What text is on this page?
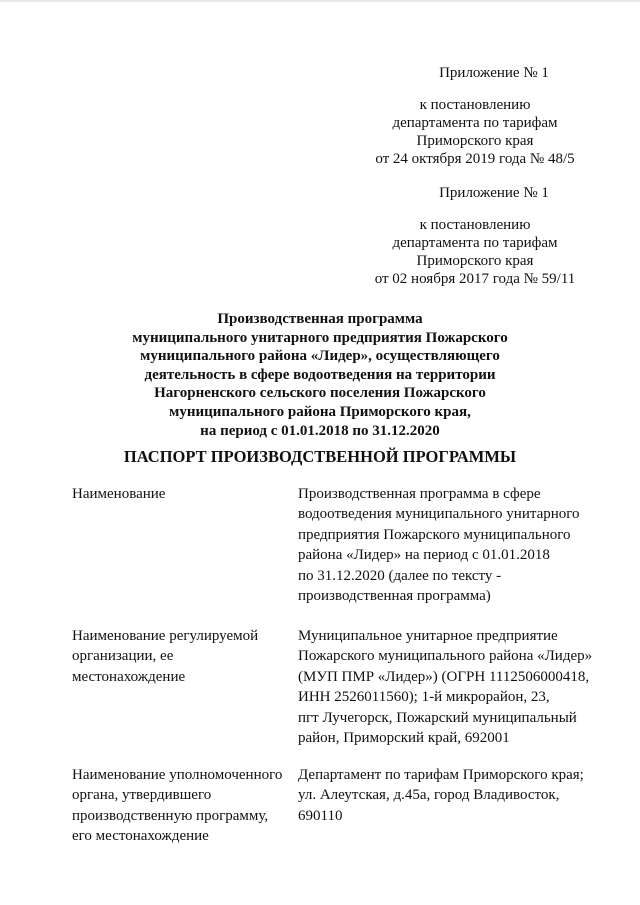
Приложение № 1
к постановлению
департамента по тарифам
Приморского края
от 24 октября 2019 года № 48/5
Приложение № 1
к постановлению
департамента по тарифам
Приморского края
от 02 ноября 2017 года № 59/11
Производственная программа
муниципального унитарного предприятия Пожарского
муниципального района «Лидер», осуществляющего
деятельность в сфере водоотведения на территории
Нагорненского сельского поселения Пожарского
муниципального района Приморского края,
на период с 01.01.2018 по 31.12.2020
ПАСПОРТ ПРОИЗВОДСТВЕННОЙ ПРОГРАММЫ
Наименование	Производственная программа в сфере
водоотведения муниципального унитарного
предприятия Пожарского муниципального
района «Лидер» на период с 01.01.2018
по 31.12.2020 (далее по тексту -
производственная программа)
Наименование регулируемой
организации, ее
местонахождение
Муниципальное унитарное предприятие
Пожарского муниципального района «Лидер»
(МУП ПМР «Лидер») (ОГРН 1112506000418,
ИНН 2526011560); 1-й микрорайон, 23,
пгт Лучегорск, Пожарский муниципальный
район, Приморский край, 692001
Наименование уполномоченного
органа, утвердившего
производственную программу,
его местонахождение
Департамент по тарифам Приморского края;
ул. Алеутская, д.45а, город Владивосток,
690110
